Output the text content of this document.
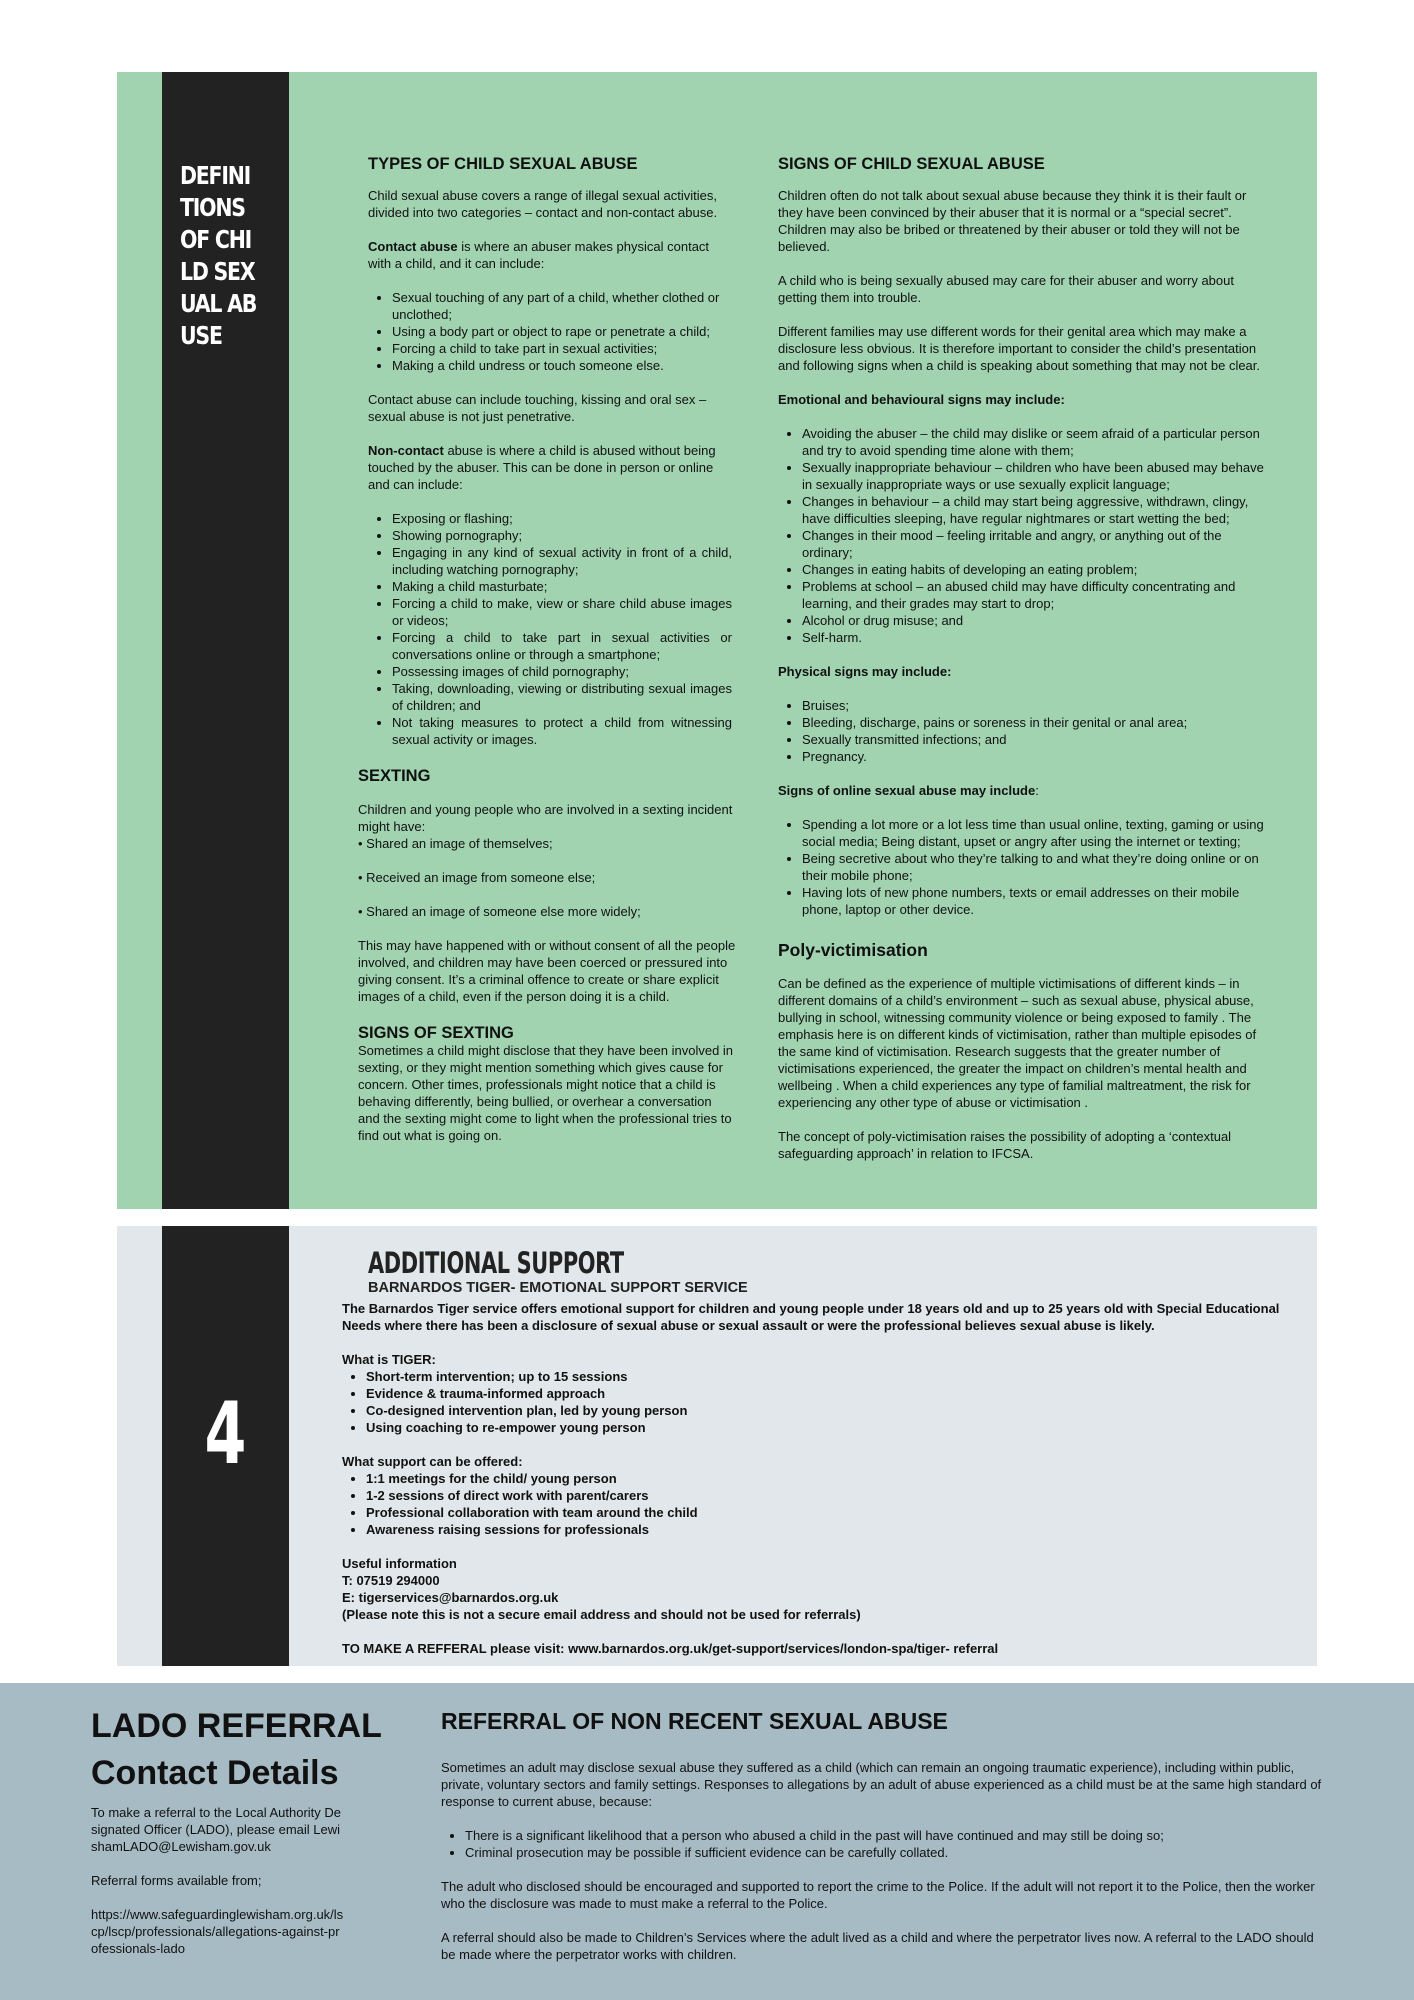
DEFINITIONS OF CHILD SEXUAL ABUSE
TYPES OF CHILD SEXUAL ABUSE

Child sexual abuse covers a range of illegal sexual activities, divided into two categories – contact and non-contact abuse.

Contact abuse is where an abuser makes physical contact with a child, and it can include:

• Sexual touching of any part of a child, whether clothed or unclothed;
• Using a body part or object to rape or penetrate a child;
• Forcing a child to take part in sexual activities;
• Making a child undress or touch someone else.

Contact abuse can include touching, kissing and oral sex – sexual abuse is not just penetrative.

Non-contact abuse is where a child is abused without being touched by the abuser. This can be done in person or online and can include:

• Exposing or flashing;
• Showing pornography;
• Engaging in any kind of sexual activity in front of a child, including watching pornography;
• Making a child masturbate;
• Forcing a child to make, view or share child abuse images or videos;
• Forcing a child to take part in sexual activities or conversations online or through a smartphone;
• Possessing images of child pornography;
• Taking, downloading, viewing or distributing sexual images of children; and
• Not taking measures to protect a child from witnessing sexual activity or images.
SEXTING

Children and young people who are involved in a sexting incident might have:

• Shared an image of themselves;

• Received an image from someone else;

• Shared an image of someone else more widely;

This may have happened with or without consent of all the people involved, and children may have been coerced or pressured into giving consent. It’s a criminal offence to create or share explicit images of a child, even if the person doing it is a child.

SIGNS OF SEXTING

Sometimes a child might disclose that they have been involved in sexting, or they might mention something which gives cause for concern. Other times, professionals might notice that a child is behaving differently, being bullied, or overhear a conversation and the sexting might come to light when the professional tries to find out what is going on.

SIGNS OF CHILD SEXUAL ABUSE

Children often do not talk about sexual abuse because they think it is their fault or they have been convinced by their abuser that it is normal or a “special secret”. Children may also be bribed or threatened by their abuser or told they will not be believed.

A child who is being sexually abused may care for their abuser and worry about getting them into trouble.

Different families may use different words for their genital area which may make a disclosure less obvious. It is therefore important to consider the child’s presentation and following signs when a child is speaking about something that may not be clear.

Emotional and behavioural signs may include:

• Avoiding the abuser – the child may dislike or seem afraid of a particular person and try to avoid spending time alone with them;
• Sexually inappropriate behaviour – children who have been abused may behave in sexually inappropriate ways or use sexually explicit language;
• Changes in behaviour – a child may start being aggressive, withdrawn, clingy, have difficulties sleeping, have regular nightmares or start wetting the bed;
• Changes in their mood – feeling irritable and angry, or anything out of the ordinary;
• Changes in eating habits of developing an eating problem;
• Problems at school – an abused child may have difficulty concentrating and learning, and their grades may start to drop;
• Alcohol or drug misuse; and
• Self-harm.

Physical signs may include:

• Bruises;
• Bleeding, discharge, pains or soreness in their genital or anal area;
• Sexually transmitted infections; and
• Pregnancy.

Signs of online sexual abuse may include:

• Spending a lot more or a lot less time than usual online, texting, gaming or using social media; Being distant, upset or angry after using the internet or texting;
• Being secretive about who they’re talking to and what they’re doing online or on their mobile phone;
• Having lots of new phone numbers, texts or email addresses on their mobile phone, laptop or other device.
Poly-victimisation

Can be defined as the experience of multiple victimisations of different kinds – in different domains of a child’s environment – such as sexual abuse, physical abuse, bullying in school, witnessing community violence or being exposed to family . The emphasis here is on different kinds of victimisation, rather than multiple episodes of the same kind of victimisation. Research suggests that the greater number of victimisations experienced, the greater the impact on children’s mental health and wellbeing . When a child experiences any type of familial maltreatment, the risk for experiencing any other type of abuse or victimisation .

The concept of poly-victimisation raises the possibility of adopting a ‘contextual safeguarding approach’ in relation to IFCSA.

4
ADDITIONAL SUPPORT
BARNARDOS TIGER- EMOTIONAL SUPPORT SERVICE

The Barnardos Tiger service offers emotional support for children and young people under 18 years old and up to 25 years old with Special Educational Needs where there has been a disclosure of sexual abuse or sexual assault or were the professional believes sexual abuse is likely.

What is TIGER:

• Short-term intervention; up to 15 sessions
• Evidence & trauma-informed approach
• Co-designed intervention plan, led by young person
• Using coaching to re-empower young person

What support can be offered:

• 1:1 meetings for the child/ young person
• 1-2 sessions of direct work with parent/carers
• Professional collaboration with team around the child
• Awareness raising sessions for professionals

Useful information

T: 07519 294000

E: tigerservices@barnardos.org.uk

(Please note this is not a secure email address and should not be used for referrals)

TO MAKE A REFFERAL please visit: www.barnardos.org.uk/get-support/services/london-spa/tiger- referral

LADO REFERRAL
Contact Details

To make a referral to the Local Authority Designated Officer (LADO), please email LewishamLADO@Lewisham.gov.uk

Referral forms available from;

https://www.safeguardinglewisham.org.uk/lscp/lscp/professionals/allegations-against-professionals-lado

REFERRAL OF NON RECENT SEXUAL ABUSE

Sometimes an adult may disclose sexual abuse they suffered as a child (which can remain an ongoing traumatic experience), including within public, private, voluntary sectors and family settings. Responses to allegations by an adult of abuse experienced as a child must be at the same high standard of response to current abuse, because:

• There is a significant likelihood that a person who abused a child in the past will have continued and may still be doing so;
• Criminal prosecution may be possible if sufficient evidence can be carefully collated.

The adult who disclosed should be encouraged and supported to report the crime to the Police. If the adult will not report it to the Police, then the worker who the disclosure was made to must make a referral to the Police.

A referral should also be made to Children’s Services where the adult lived as a child and where the perpetrator lives now. A referral to the LADO should be made where the perpetrator works with children.
